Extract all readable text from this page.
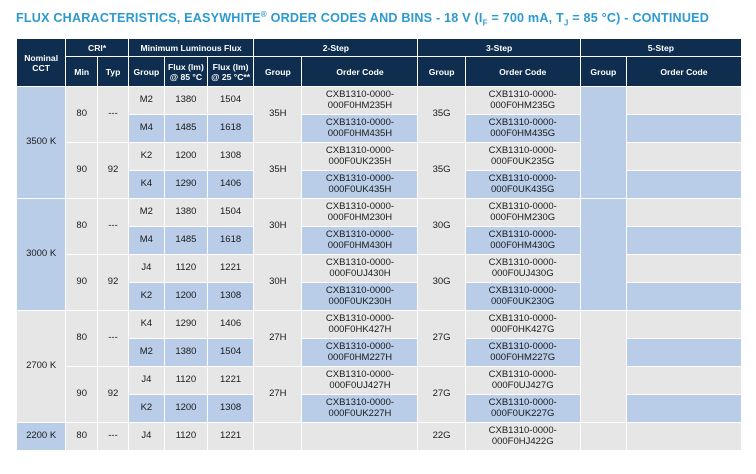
FLUX CHARACTERISTICS, EASYWHITE® ORDER CODES AND BINS - 18 V ($I_F = 700$ mA, $T_J = 85$ °C) - CONTINUED
Nominal CCT	CRI*		Minimum Luminous Flux			2-Step		3-Step		5-Step	
	Min	Typ	Group	Flux (lm) @ 85 °C	Flux (lm) @ 25 °C**	Group	Order Code	Group	Order Code	Group	Order Code
3500 K	80	---	M2	1380	1504	35H	CXB1310-0000-000F0HM235H	35G	CXB1310-0000-000F0HM235G		
			M4	1485	1618		CXB1310-0000-000F0HM435H		CXB1310-0000-000F0HM435G		
	90	92	K2	1200	1308	35H	CXB1310-0000-000F0UK235H	35G	CXB1310-0000-000F0UK235G		
			K4	1290	1406		CXB1310-0000-000F0UK435H		CXB1310-0000-000F0UK435G		
3000 K	80	---	M2	1380	1504	30H	CXB1310-0000-000F0HM230H	30G	CXB1310-0000-000F0HM230G		
			M4	1485	1618		CXB1310-0000-000F0HM430H		CXB1310-0000-000F0HM430G		
	90	92	J4	1120	1221	30H	CXB1310-0000-000F0UJ430H	30G	CXB1310-0000-000F0UJ430G		
			K2	1200	1308		CXB1310-0000-000F0UK230H		CXB1310-0000-000F0UK230G		
2700 K	80	---	K4	1290	1406	27H	CXB1310-0000-000F0HK427H	27G	CXB1310-0000-000F0HK427G		
			M2	1380	1504		CXB1310-0000-000F0HM227H		CXB1310-0000-000F0HM227G		
	90	92	J4	1120	1221	27H	CXB1310-0000-000F0UJ427H	27G	CXB1310-0000-000F0UJ427G		
			K2	1200	1308		CXB1310-0000-000F0UK227H		CXB1310-0000-000F0UK227G		
2200 K	80	---	J4	1120	1221			22G	CXB1310-0000-000F0HJ422G		
